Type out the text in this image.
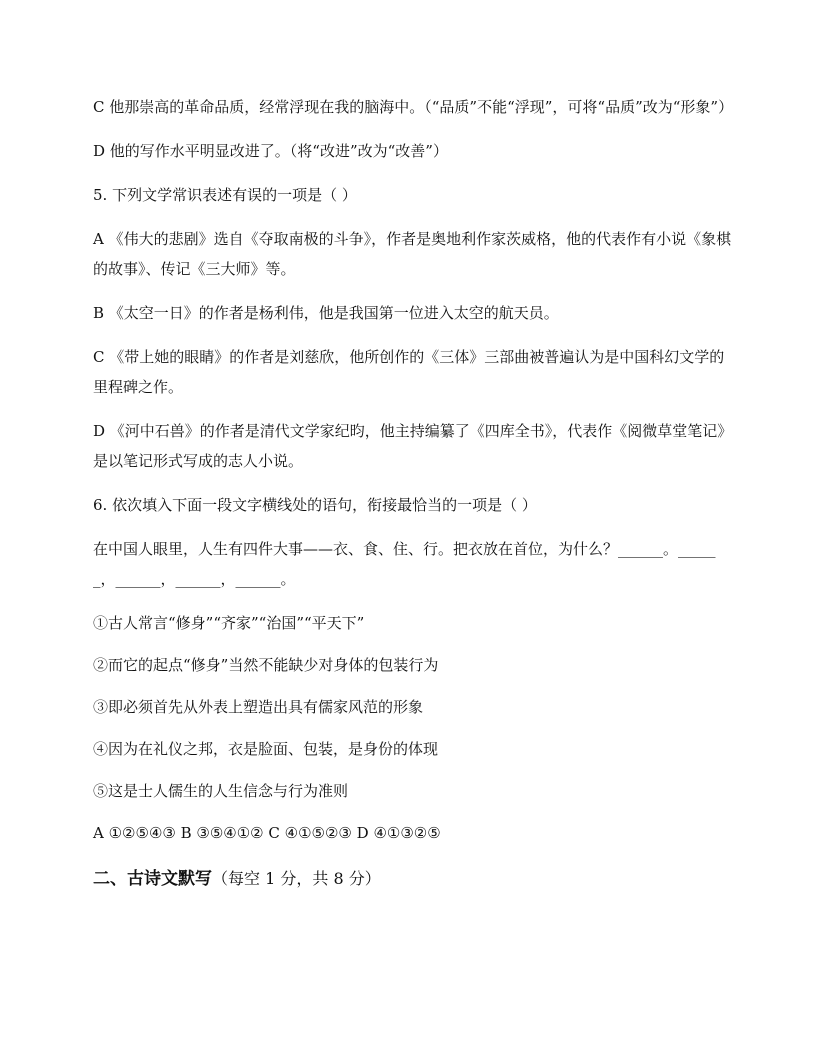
C 他那崇高的革命品质，经常浮现在我的脑海中。（“品质”不能“浮现”，可将“品质”改为“形象”）

D 他的写作水平明显改进了。（将“改进”改为“改善”）

5. 下列文学常识表述有误的一项是（ ）

A 《伟大的悲剧》选自《夺取南极的斗争》，作者是奥地利作家茨威格，他的代表作有小说《象棋的故事》、传记《三大师》等。

B 《太空一日》的作者是杨利伟，他是我国第一位进入太空的航天员。

C 《带上她的眼睛》的作者是刘慈欣，他所创作的《三体》三部曲被普遍认为是中国科幻文学的里程碑之作。

D 《河中石兽》的作者是清代文学家纪昀，他主持编纂了《四库全书》，代表作《阅微草堂笔记》是以笔记形式写成的志人小说。

6. 依次填入下面一段文字横线处的语句，衔接最恰当的一项是（ ）

在中国人眼里，人生有四件大事——衣、食、住、行。把衣放在首位，为什么？______。______，______，______，______。

①古人常言“修身”“齐家”“治国”“平天下”

②而它的起点“修身”当然不能缺少对身体的包装行为

③即必须首先从外表上塑造出具有儒家风范的形象

④因为在礼仪之邦，衣是脸面、包装，是身份的体现

⑤这是士人儒生的人生信念与行为准则

A ①②⑤④③ B ③⑤④①② C ④①⑤②③ D ④①③②⑤

二、古诗文默写（每空 1 分，共 8 分）
